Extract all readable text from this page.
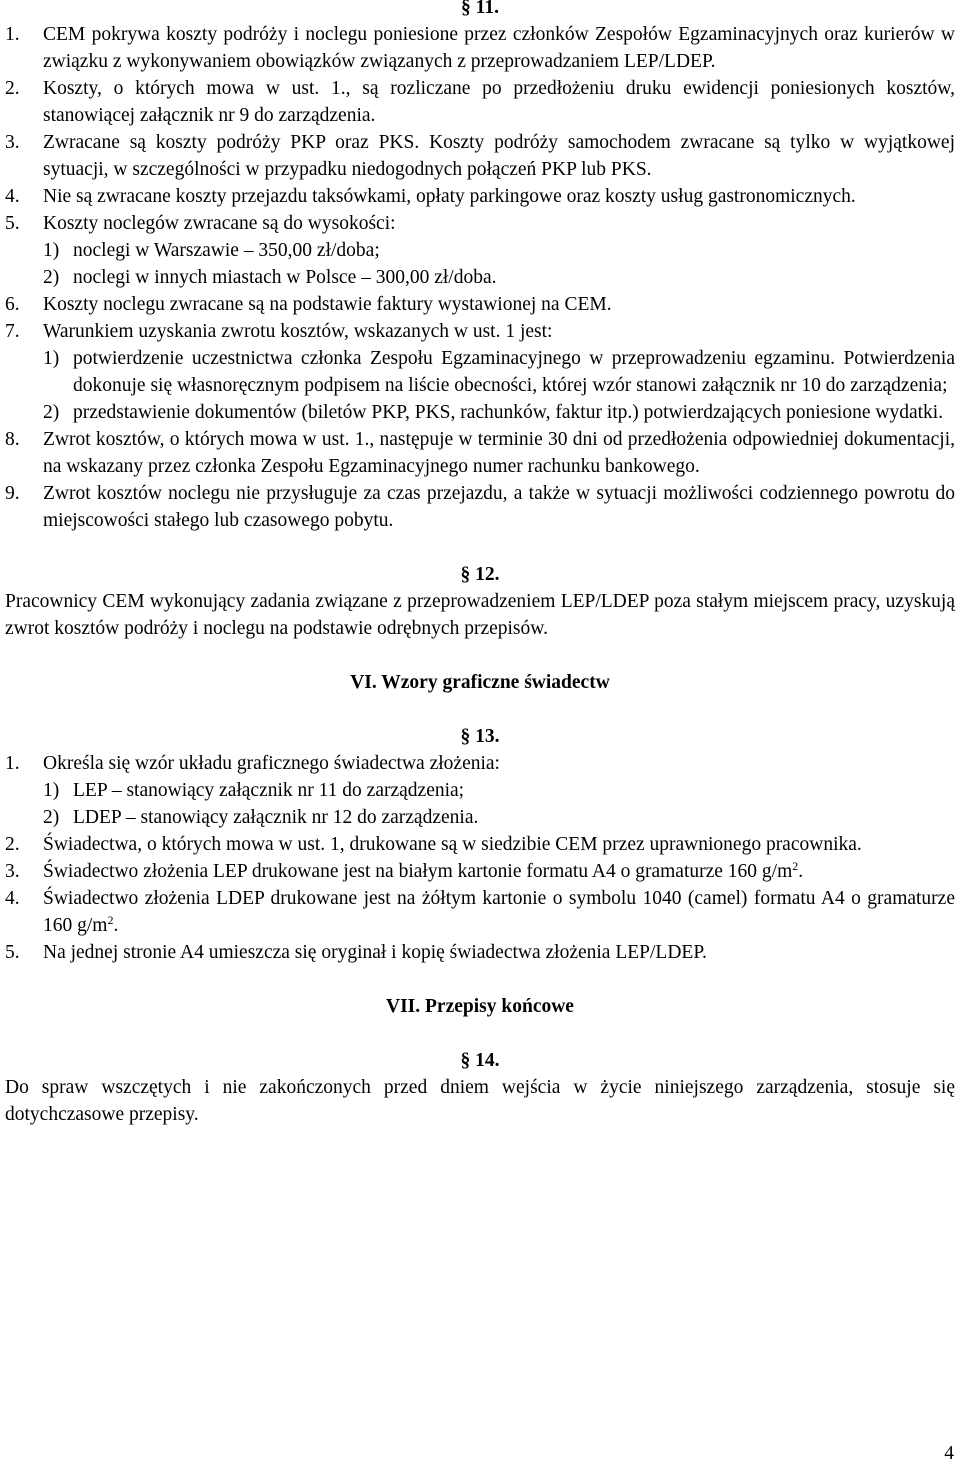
§ 11.
1.	CEM pokrywa koszty podróży i noclegu poniesione przez członków Zespołów Egzaminacyjnych oraz kurierów w związku z wykonywaniem obowiązków związanych z przeprowadzaniem LEP/LDEP.
2.	Koszty, o których mowa w ust. 1., są rozliczane po przedłożeniu druku ewidencji poniesionych kosztów, stanowiącej załącznik nr 9 do zarządzenia.
3.	Zwracane są koszty podróży PKP oraz PKS. Koszty podróży samochodem zwracane są tylko w wyjątkowej sytuacji, w szczególności w przypadku niedogodnych połączeń PKP lub PKS.
4.	Nie są zwracane koszty przejazdu taksówkami, opłaty parkingowe oraz koszty usług gastronomicznych.
5.	Koszty noclegów zwracane są do wysokości:
1) noclegi w Warszawie – 350,00 zł/doba;
2) noclegi w innych miastach w Polsce – 300,00 zł/doba.
6.	Koszty noclegu zwracane są na podstawie faktury wystawionej na CEM.
7.	Warunkiem uzyskania zwrotu kosztów, wskazanych w ust. 1 jest:
1) potwierdzenie uczestnictwa członka Zespołu Egzaminacyjnego w przeprowadzeniu egzaminu. Potwierdzenia dokonuje się własnoręcznym podpisem na liście obecności, której wzór stanowi załącznik nr 10 do zarządzenia;
2) przedstawienie dokumentów (biletów PKP, PKS, rachunków, faktur itp.) potwierdzających poniesione wydatki.
8.	Zwrot kosztów, o których mowa w ust. 1., następuje w terminie 30 dni od przedłożenia odpowiedniej dokumentacji, na wskazany przez członka Zespołu Egzaminacyjnego numer rachunku bankowego.
9.	Zwrot kosztów noclegu nie przysługuje za czas przejazdu, a także w sytuacji możliwości codziennego powrotu do miejscowości stałego lub czasowego pobytu.
§ 12.
Pracownicy CEM wykonujący zadania związane z przeprowadzeniem LEP/LDEP poza stałym miejscem pracy, uzyskują zwrot kosztów podróży i noclegu na podstawie odrębnych przepisów.
VI. Wzory graficzne świadectw
§ 13.
1.	Określa się wzór układu graficznego świadectwa złożenia:
1) LEP – stanowiący załącznik nr 11 do zarządzenia;
2) LDEP – stanowiący załącznik nr 12 do zarządzenia.
2.	Świadectwa, o których mowa w ust. 1, drukowane są w siedzibie CEM przez uprawnionego pracownika.
3.	Świadectwo złożenia LEP drukowane jest na białym kartonie formatu A4 o gramaturze 160 $g/m^2$.
4.	Świadectwo złożenia LDEP drukowane jest na żółtym kartonie o symbolu 1040 (camel) formatu A4 o gramaturze 160 $g/m^2$.
5.	Na jednej stronie A4 umieszcza się oryginał i kopię świadectwa złożenia LEP/LDEP.
VII. Przepisy końcowe
§ 14.
Do spraw wszczętych i nie zakończonych przed dniem wejścia w życie niniejszego zarządzenia, stosuje się dotychczasowe przepisy.
4
